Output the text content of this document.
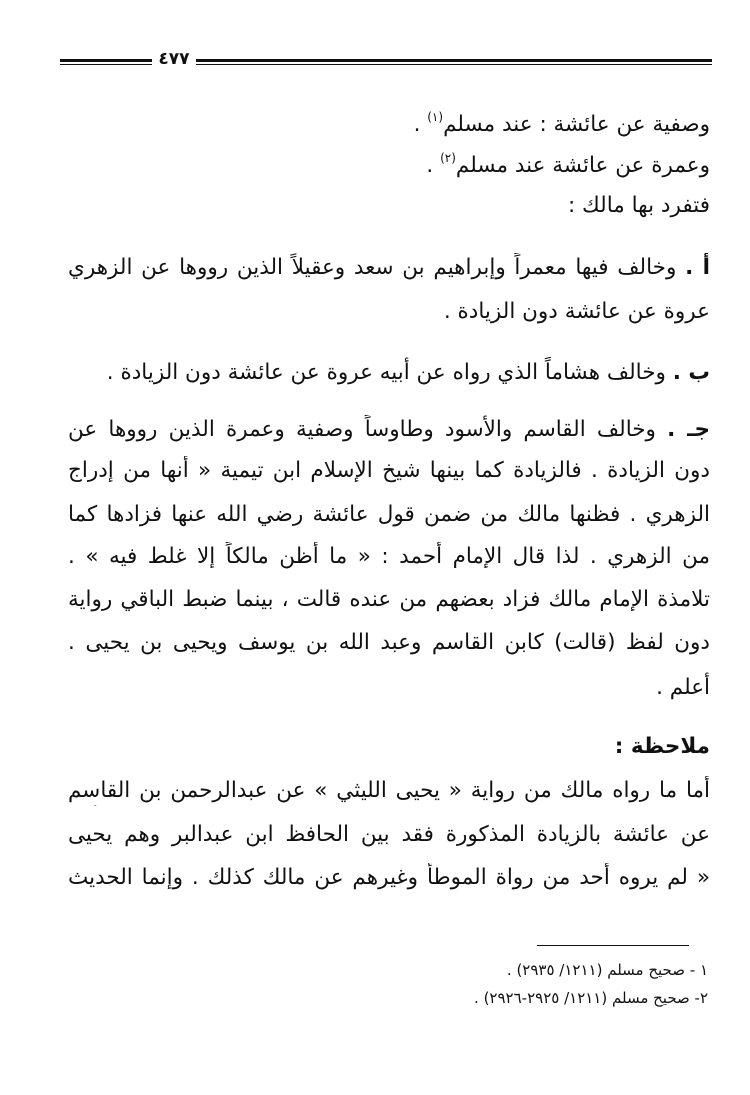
٤٧٧
وصفية عن عائشة : عند مسلم$^{(١)}$ .
وعمرة عن عائشة عند مسلم$^{(٢)}$ .
فتفرد بها مالك :
أ . وخالف فيها معمراً وإبراهيم بن سعد وعقيلاً الذين رووها عن الزهري
عروة عن عائشة دون الزيادة .
ب . وخالف هشاماً الذي رواه عن أبيه عروة عن عائشة دون الزيادة .
جـ . وخالف القاسم والأسود وطاوساً وصفية وعمرة الذين رووها عن
دون الزيادة . فالزيادة كما بينها شيخ الإسلام ابن تيمية « أنها من إدراج
الزهري . فظنها مالك من ضمن قول عائشة رضي الله عنها فزادها كما
من الزهري . لذا قال الإمام أحمد : « ما أظن مالكاً إلا غلط فيه » .
تلامذة الإمام مالك فزاد بعضهم من عنده قالت ، بينما ضبط الباقي رواية
دون لفظ (قالت) كابن القاسم وعبد الله بن يوسف ويحيى بن يحيى .
أعلم .
ملاحظة :
أما ما رواه مالك من رواية « يحيى الليثي » عن عبدالرحمن بن القاسم
عن عائشة بالزيادة المذكورة فقد بين الحافظ ابن عبدالبر وهم يحيى
« لم يروه أحد من رواة الموطأ وغيرهم عن مالك كذلك . وإنما الحديث
١ - صحيح مسلم (١٢١١/ ٢٩٣٥) .
٢- صحيح مسلم (١٢١١/ ٢٩٢٥-٢٩٢٦) .
